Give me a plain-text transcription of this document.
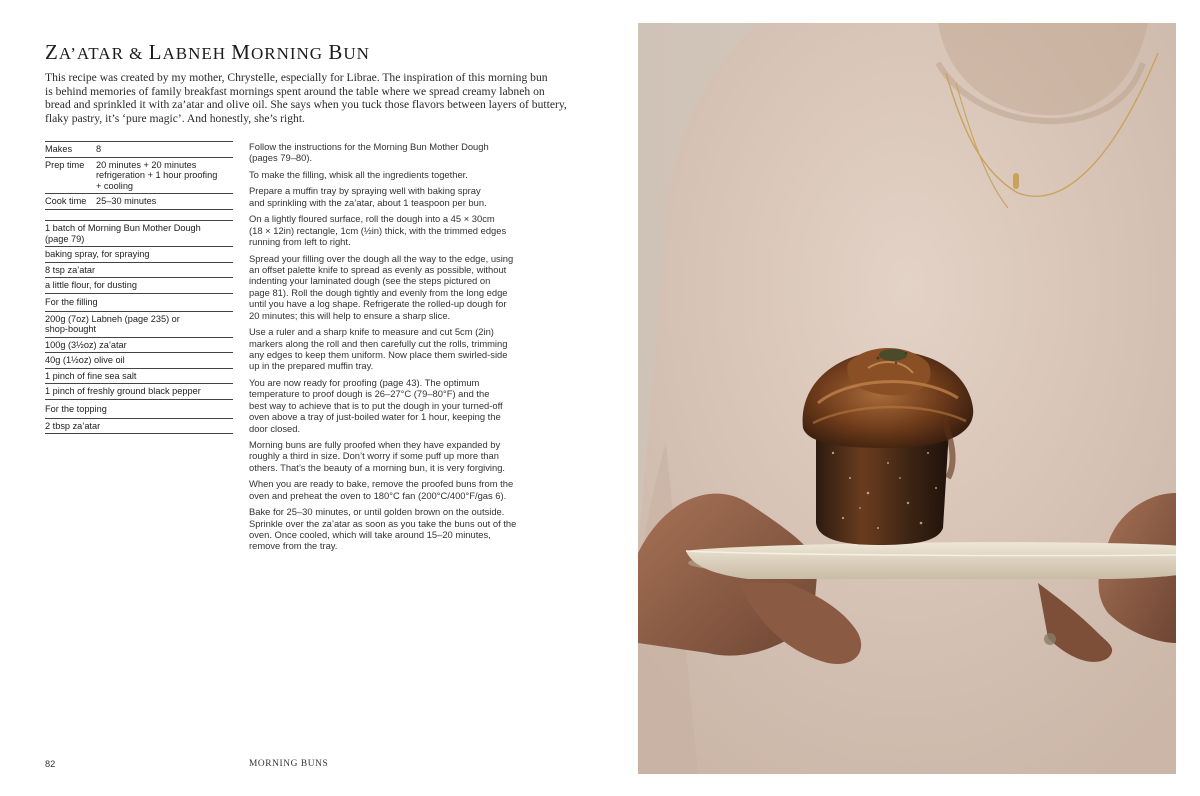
ZA’ATAR & LABNEH MORNING BUN
This recipe was created by my mother, Chrystelle, especially for Librae. The inspiration of this morning bun
is behind memories of family breakfast mornings spent around the table where we spread creamy labneh on
bread and sprinkled it with za’atar and olive oil. She says when you tuck those flavors between layers of buttery,
flaky pastry, it’s ‘pure magic’. And honestly, she’s right.
Makes	8
Prep time	20 minutes + 20 minutes
refrigeration + 1 hour proofing
+ cooling

Cook time	25–30 minutes
1 batch of Morning Bun Mother Dough
(page 79)
baking spray, for spraying
8 tsp za’atar
a little flour, for dusting
For the filling
200g (7oz) Labneh (page 235) or
shop-bought
100g (3½oz) za’atar
40g (1½oz) olive oil
1 pinch of fine sea salt
1 pinch of freshly ground black pepper
For the topping
2 tbsp za’atar

Follow the instructions for the Morning Bun Mother Dough
(pages 79–80).

To make the filling, whisk all the ingredients together.

Prepare a muffin tray by spraying well with baking spray
and sprinkling with the za’atar, about 1 teaspoon per bun.

On a lightly floured surface, roll the dough into a 45 × 30cm
(18 × 12in) rectangle, 1cm (½in) thick, with the trimmed edges
running from left to right.

Spread your filling over the dough all the way to the edge, using
an offset palette knife to spread as evenly as possible, without
indenting your laminated dough (see the steps pictured on
page 81). Roll the dough tightly and evenly from the long edge
until you have a log shape. Refrigerate the rolled-up dough for
20 minutes; this will help to ensure a sharp slice.

Use a ruler and a sharp knife to measure and cut 5cm (2in)
markers along the roll and then carefully cut the rolls, trimming
any edges to keep them uniform. Now place them swirled-side
up in the prepared muffin tray.

You are now ready for proofing (page 43). The optimum
temperature to proof dough is 26–27°C (79–80°F) and the
best way to achieve that is to put the dough in your turned-off
oven above a tray of just-boiled water for 1 hour, keeping the
door closed.

Morning buns are fully proofed when they have expanded by
roughly a third in size. Don’t worry if some puff up more than
others. That’s the beauty of a morning bun, it is very forgiving.

When you are ready to bake, remove the proofed buns from the
oven and preheat the oven to 180°C fan (200°C/400°F/gas 6).

Bake for 25–30 minutes, or until golden brown on the outside.
Sprinkle over the za’atar as soon as you take the buns out of the
oven. Once cooled, which will take around 15–20 minutes,
remove from the tray.

82	MORNING BUNS
